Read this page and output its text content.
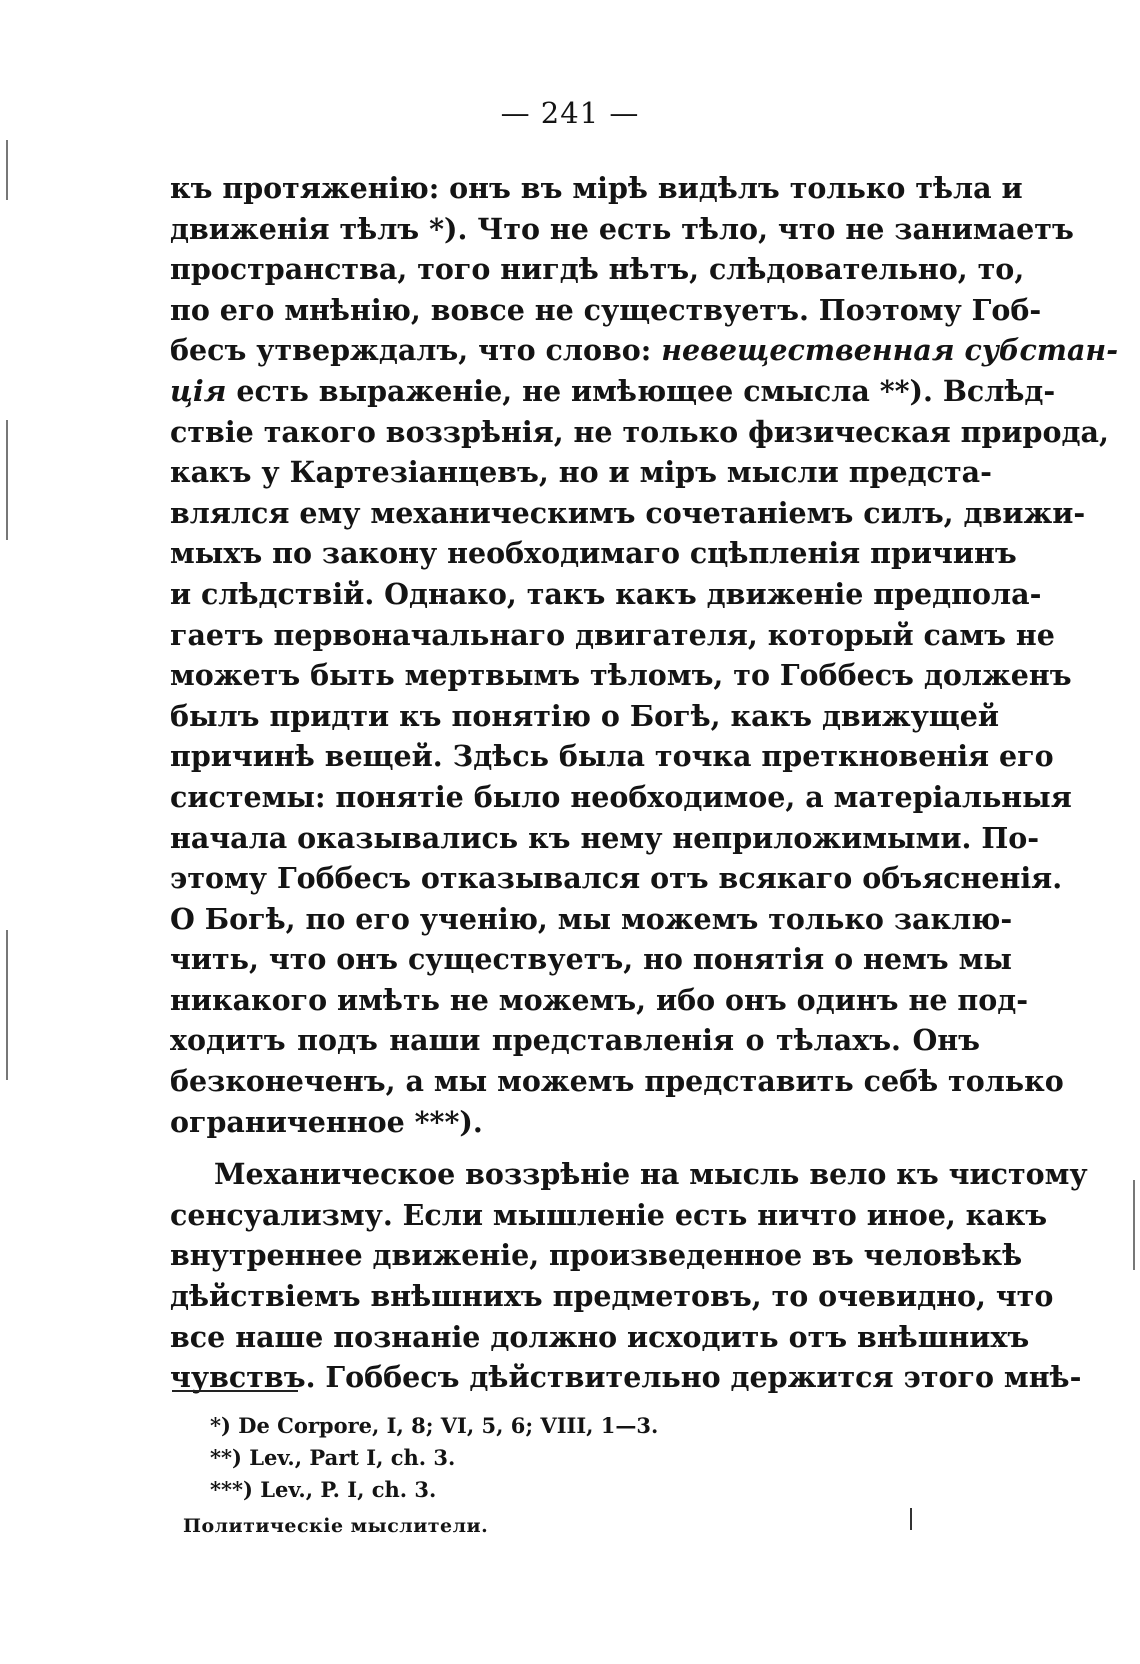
— 241 —
къ протяженію: онъ въ мірѣ видѣлъ только тѣла и
движенія тѣлъ *). Что не есть тѣло, что не занимаетъ
пространства, того нигдѣ нѣтъ, слѣдовательно, то,
по его мнѣнію, вовсе не существуетъ. Поэтому Гоб-
бесъ утверждалъ, что слово: невещественная субстан-
ція есть выраженіе, не имѣющее смысла **). Вслѣд-
ствіе такого воззрѣнія, не только физическая природа,
какъ у Картезіанцевъ, но и міръ мысли предста-
влялся ему механическимъ сочетаніемъ силъ, движи-
мыхъ по закону необходимаго сцѣпленія причинъ
и слѣдствій. Однако, такъ какъ движеніе предпола-
гаетъ первоначальнаго двигателя, который самъ не
можетъ быть мертвымъ тѣломъ, то Гоббесъ долженъ
былъ придти къ понятію о Богѣ, какъ движущей
причинѣ вещей. Здѣсь была точка преткновенія его
системы: понятіе было необходимое, а матеріальныя
начала оказывались къ нему неприложимыми. По-
этому Гоббесъ отказывался отъ всякаго объясненія.
О Богѣ, по его ученію, мы можемъ только заклю-
чить, что онъ существуетъ, но понятія о немъ мы
никакого имѣть не можемъ, ибо онъ одинъ не под-
ходитъ подъ наши представленія о тѣлахъ. Онъ
безконеченъ, а мы можемъ представить себѣ только
ограниченное ***).
Механическое воззрѣніе на мысль вело къ чистому
сенсуализму. Если мышленіе есть ничто иное, какъ
внутреннее движеніе, произведенное въ человѣкѣ
дѣйствіемъ внѣшнихъ предметовъ, то очевидно, что
все наше познаніе должно исходить отъ внѣшнихъ
чувствъ. Гоббесъ дѣйствительно держится этого мнѣ-
*) De Corpore, I, 8; VI, 5, 6; VIII, 1—3.
**) Lev., Part I, ch. 3.
***) Lev., P. I, ch. 3.
Политическіе мыслители.
